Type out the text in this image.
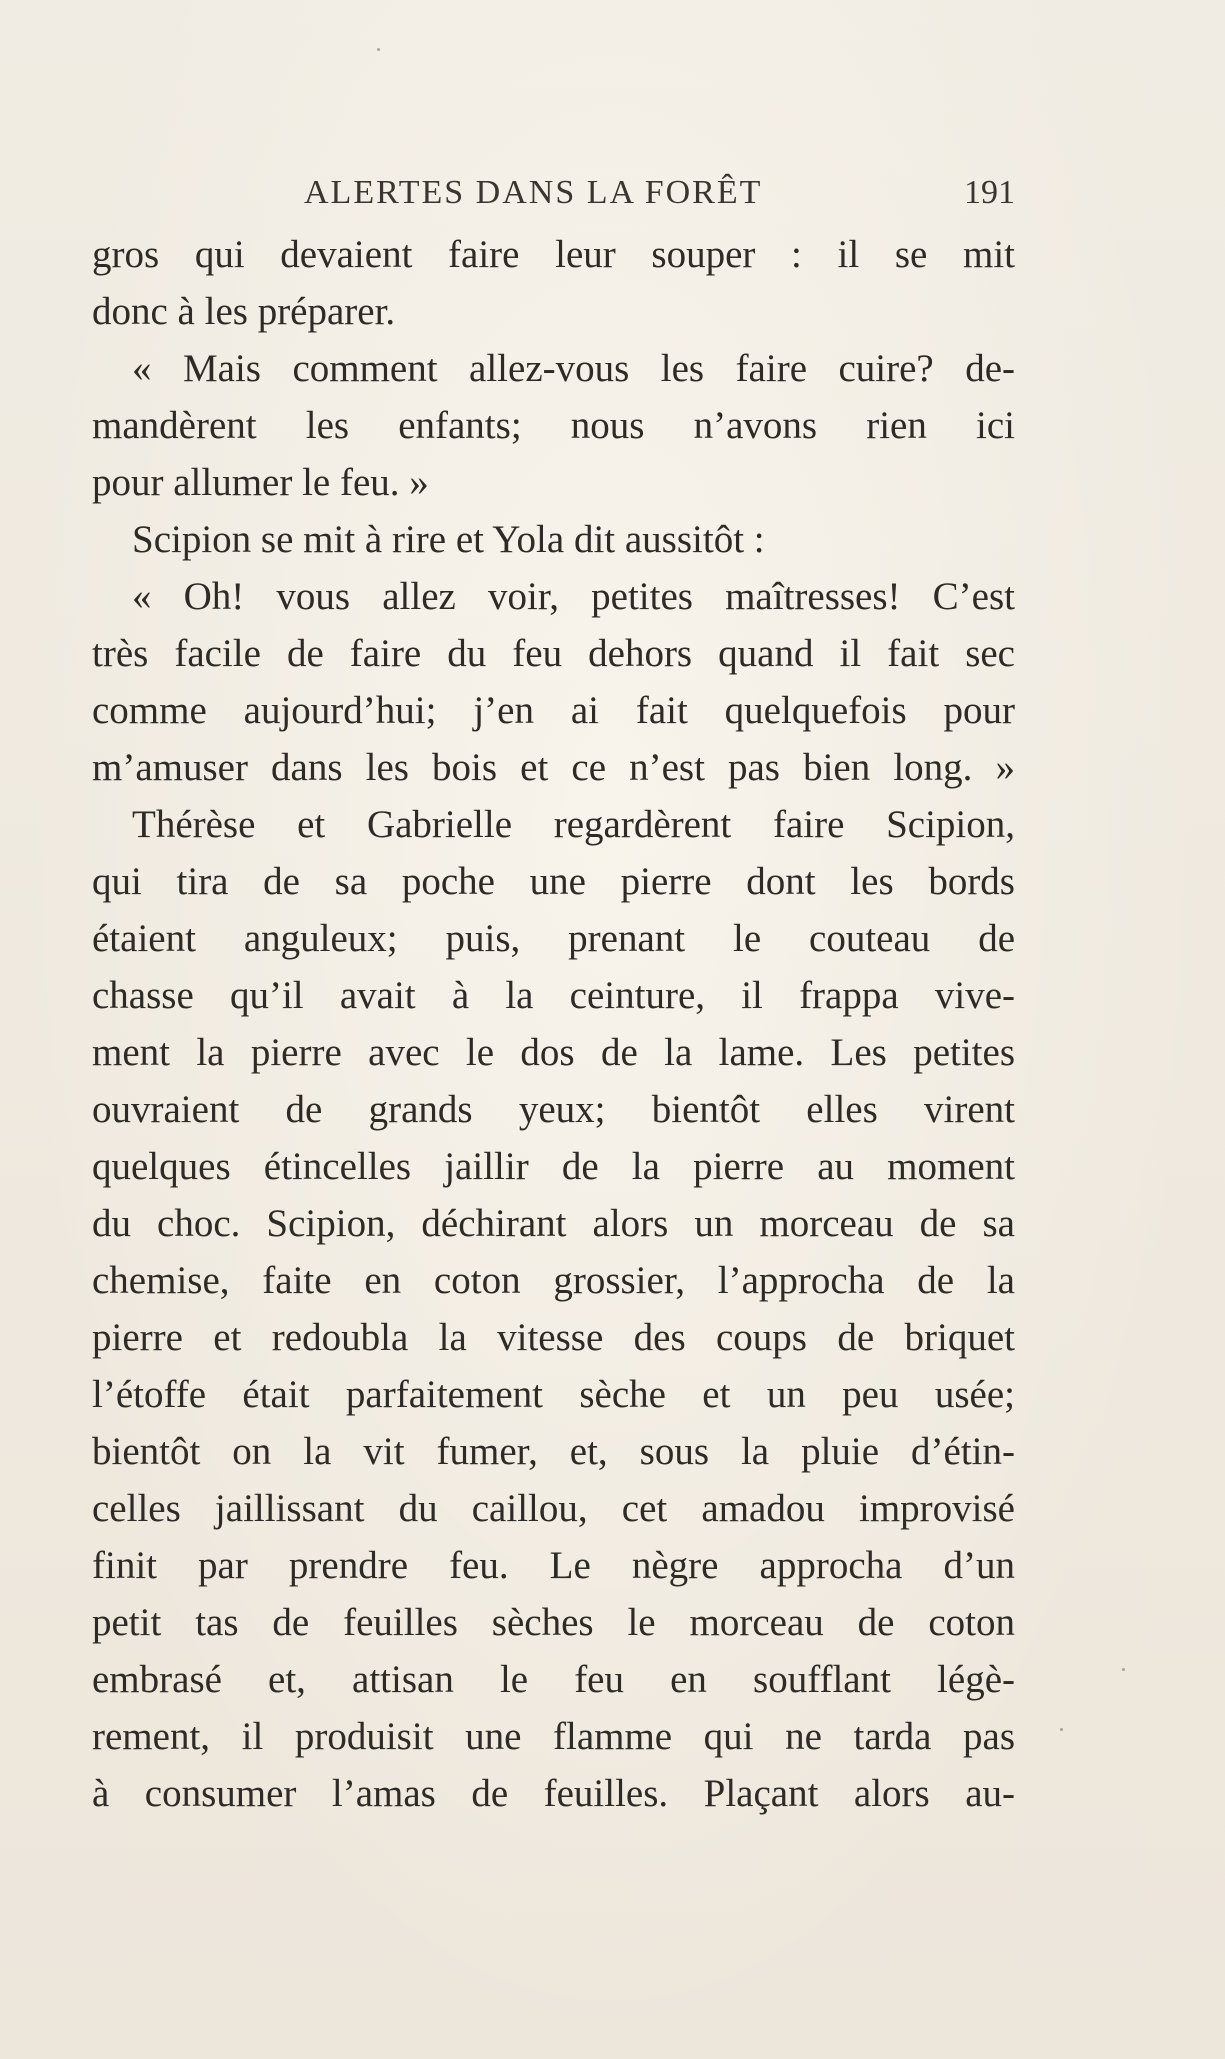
ALERTES DANS LA FORÊT	191
gros qui devaient faire leur souper : il se mit
donc à les préparer.
« Mais comment allez-vous les faire cuire? de-
mandèrent les enfants; nous n’avons rien ici
pour allumer le feu. »
Scipion se mit à rire et Yola dit aussitôt :
« Oh! vous allez voir, petites maîtresses! C’est
très facile de faire du feu dehors quand il fait sec
comme aujourd’hui; j’en ai fait quelquefois pour
m’amuser dans les bois et ce n’est pas bien long. »
Thérèse et Gabrielle regardèrent faire Scipion,
qui tira de sa poche une pierre dont les bords
étaient anguleux; puis, prenant le couteau de
chasse qu’il avait à la ceinture, il frappa vive-
ment la pierre avec le dos de la lame. Les petites
ouvraient de grands yeux; bientôt elles virent
quelques étincelles jaillir de la pierre au moment
du choc. Scipion, déchirant alors un morceau de sa
chemise, faite en coton grossier, l’approcha de la
pierre et redoubla la vitesse des coups de briquet
l’étoffe était parfaitement sèche et un peu usée;
bientôt on la vit fumer, et, sous la pluie d’étin-
celles jaillissant du caillou, cet amadou improvisé
finit par prendre feu. Le nègre approcha d’un
petit tas de feuilles sèches le morceau de coton
embrasé et, attisan le feu en soufflant légè-
rement, il produisit une flamme qui ne tarda pas
à consumer l’amas de feuilles. Plaçant alors au-
